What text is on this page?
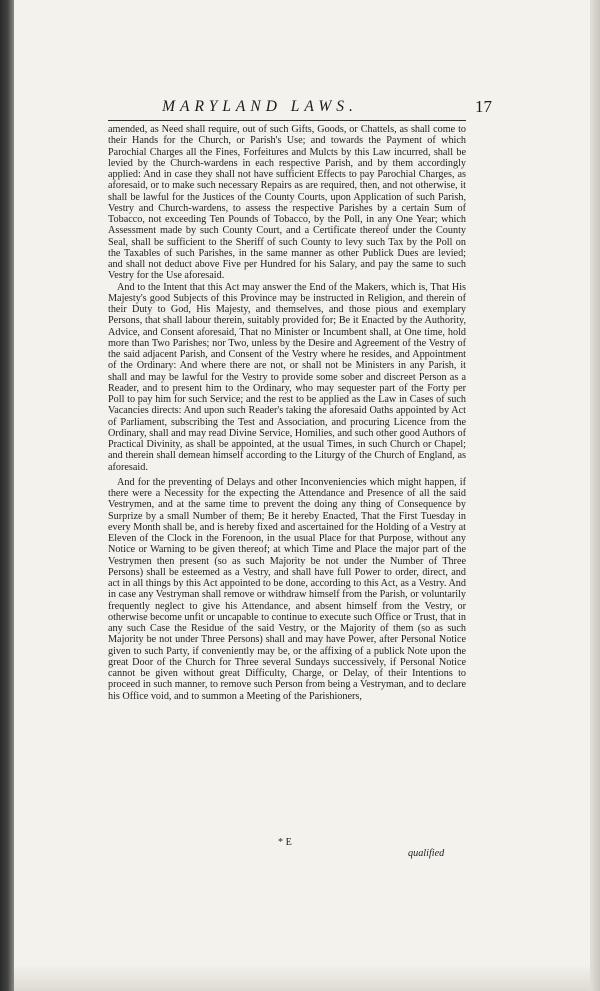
MARYLAND LAWS.	17

amended, as Need shall require, out of such Gifts, Goods, or Chattels, as shall come to their Hands for the Church, or Parish's Use; and towards the Payment of which Parochial Charges all the Fines, Forfeitures and Mulcts by this Law incurred, shall be levied by the Church-wardens in each respective Parish, and by them accordingly applied: And in case they shall not have sufficient Effects to pay Parochial Charges, as aforesaid, or to make such necessary Repairs as are required, then, and not otherwise, it shall be lawful for the Justices of the County Courts, upon Application of such Parish, Vestry and Church-wardens, to assess the respective Parishes by a certain Sum of Tobacco, not exceeding Ten Pounds of Tobacco, by the Poll, in any One Year; which Assessment made by such County Court, and a Certificate thereof under the County Seal, shall be sufficient to the Sheriff of such County to levy such Tax by the Poll on the Taxables of such Parishes, in the same manner as other Publick Dues are levied; and shall not deduct above Five per Hundred for his Salary, and pay the same to such Vestry for the Use aforesaid.

And to the Intent that this Act may answer the End of the Makers, which is, That His Majesty's good Subjects of this Province may be instructed in Religion, and therein of their Duty to God, His Majesty, and themselves, and those pious and exemplary Persons, that shall labour therein, suitably provided for; Be it Enacted by the Authority, Advice, and Consent aforesaid, That no Minister or Incumbent shall, at One time, hold more than Two Parishes; nor Two, unless by the Desire and Agreement of the Vestry of the said adjacent Parish, and Consent of the Vestry where he resides, and Appointment of the Ordinary: And where there are not, or shall not be Ministers in any Parish, it shall and may be lawful for the Vestry to provide some sober and discreet Person as a Reader, and to present him to the Ordinary, who may sequester part of the Forty per Poll to pay him for such Service; and the rest to be applied as the Law in Cases of such Vacancies directs: And upon such Reader's taking the aforesaid Oaths appointed by Act of Parliament, subscribing the Test and Association, and procuring Licence from the Ordinary, shall and may read Divine Service, Homilies, and such other good Authors of Practical Divinity, as shall be appointed, at the usual Times, in such Church or Chapel; and therein shall demean himself according to the Liturgy of the Church of England, as aforesaid.

And for the preventing of Delays and other Inconveniencies which might happen, if there were a Necessity for the expecting the Attendance and Presence of all the said Vestrymen, and at the same time to prevent the doing any thing of Consequence by Surprize by a small Number of them; Be it hereby Enacted, That the First Tuesday in every Month shall be, and is hereby fixed and ascertained for the Holding of a Vestry at Eleven of the Clock in the Forenoon, in the usual Place for that Purpose, without any Notice or Warning to be given thereof; at which Time and Place the major part of the Vestrymen then present (so as such Majority be not under the Number of Three Persons) shall be esteemed as a Vestry, and shall have full Power to order, direct, and act in all things by this Act appointed to be done, according to this Act, as a Vestry. And in case any Vestryman shall remove or withdraw himself from the Parish, or voluntarily frequently neglect to give his Attendance, and absent himself from the Vestry, or otherwise become unfit or uncapable to continue to execute such Office or Trust, that in any such Case the Residue of the said Vestry, or the Majority of them (so as such Majority be not under Three Persons) shall and may have Power, after Personal Notice given to such Party, if conveniently may be, or the affixing of a publick Note upon the great Door of the Church for Three several Sundays successively, if Personal Notice cannot be given without great Difficulty, Charge, or Delay, of their Intentions to proceed in such manner, to remove such Person from being a Vestryman, and to declare his Office void, and to summon a Meeting of the Parishioners,

* E
qualified
